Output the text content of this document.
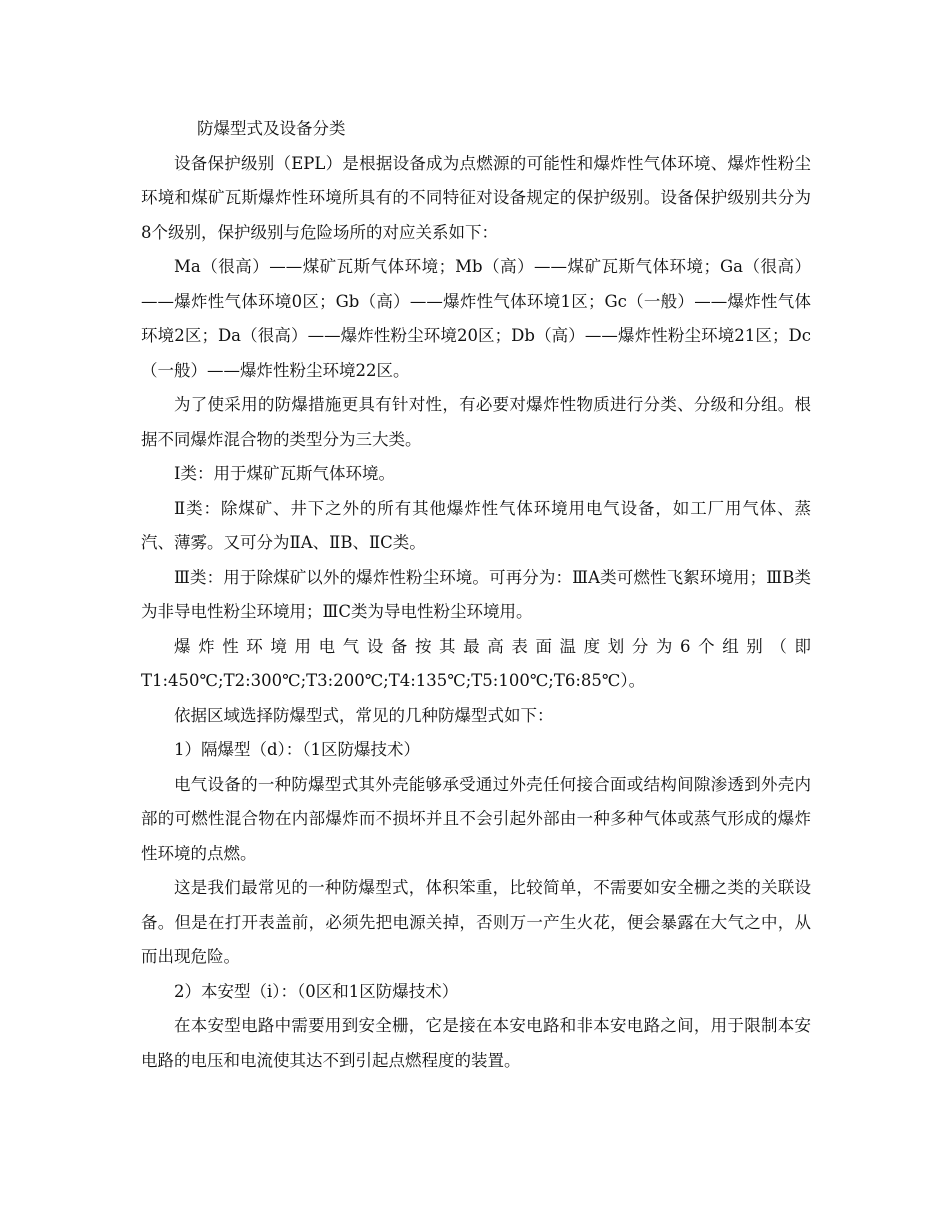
防爆型式及设备分类

设备保护级别（EPL）是根据设备成为点燃源的可能性和爆炸性气体环境、爆炸性粉尘环境和煤矿瓦斯爆炸性环境所具有的不同特征对设备规定的保护级别。设备保护级别共分为8个级别，保护级别与危险场所的对应关系如下：

Ma（很高）——煤矿瓦斯气体环境；Mb（高）——煤矿瓦斯气体环境；Ga（很高）——爆炸性气体环境0区；Gb（高）——爆炸性气体环境1区；Gc（一般）——爆炸性气体环境2区；Da（很高）——爆炸性粉尘环境20区；Db（高）——爆炸性粉尘环境21区；Dc（一般）——爆炸性粉尘环境22区。

为了使采用的防爆措施更具有针对性，有必要对爆炸性物质进行分类、分级和分组。根据不同爆炸混合物的类型分为三大类。

Ⅰ类：用于煤矿瓦斯气体环境。

Ⅱ类：除煤矿、井下之外的所有其他爆炸性气体环境用电气设备，如工厂用气体、蒸汽、薄雾。又可分为ⅡA、ⅡB、ⅡC类。

Ⅲ类：用于除煤矿以外的爆炸性粉尘环境。可再分为：ⅢA类可燃性飞絮环境用；ⅢB类为非导电性粉尘环境用；ⅢC类为导电性粉尘环境用。

爆炸性环境用电气设备按其最高表面温度划分为6个组别（即T1:450℃;T2:300℃;T3:200℃;T4:135℃;T5:100℃;T6:85℃）。

依据区域选择防爆型式，常见的几种防爆型式如下：

1）隔爆型（d）：（1区防爆技术）

电气设备的一种防爆型式其外壳能够承受通过外壳任何接合面或结构间隙渗透到外壳内部的可燃性混合物在内部爆炸而不损坏并且不会引起外部由一种多种气体或蒸气形成的爆炸性环境的点燃。

这是我们最常见的一种防爆型式，体积笨重，比较简单，不需要如安全栅之类的关联设备。但是在打开表盖前，必须先把电源关掉，否则万一产生火花，便会暴露在大气之中，从而出现危险。

2）本安型（i）：（0区和1区防爆技术）

在本安型电路中需要用到安全栅，它是接在本安电路和非本安电路之间，用于限制本安电路的电压和电流使其达不到引起点燃程度的装置。
